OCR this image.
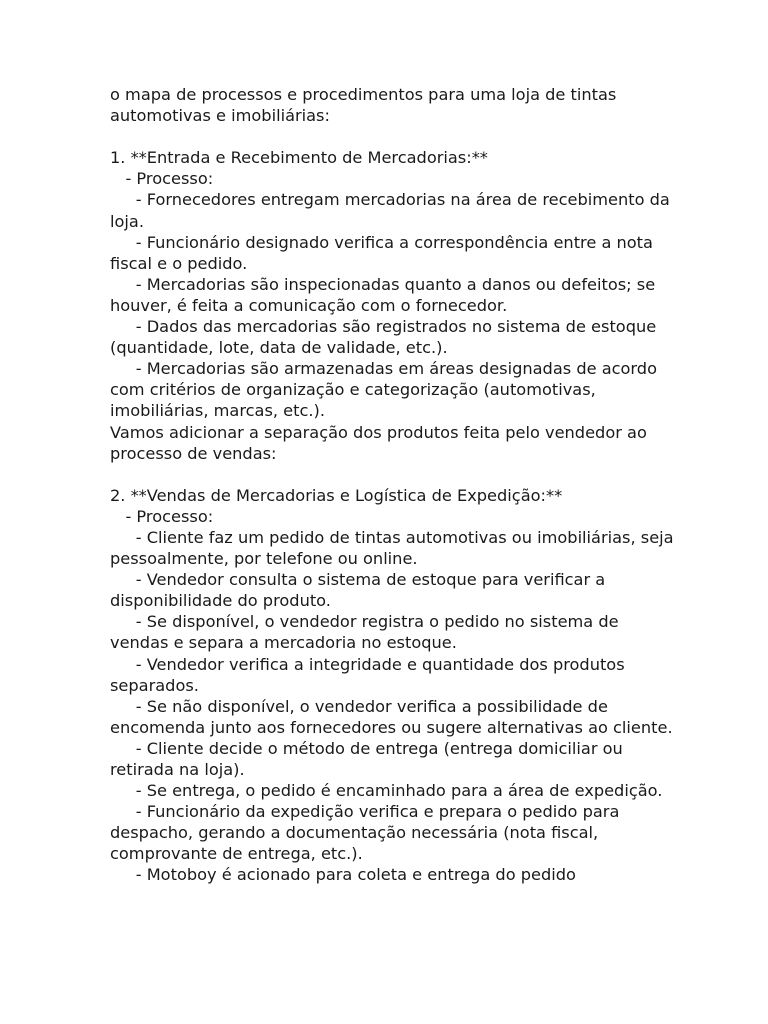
o mapa de processos e procedimentos para uma loja de tintas automotivas e imobiliárias:

1. **Entrada e Recebimento de Mercadorias:**

- Processo:

- Fornecedores entregam mercadorias na área de recebimento da loja.

- Funcionário designado verifica a correspondência entre a nota fiscal e o pedido.

- Mercadorias são inspecionadas quanto a danos ou defeitos; se houver, é feita a comunicação com o fornecedor.

- Dados das mercadorias são registrados no sistema de estoque (quantidade, lote, data de validade, etc.).

- Mercadorias são armazenadas em áreas designadas de acordo com critérios de organização e categorização (automotivas, imobiliárias, marcas, etc.).

Vamos adicionar a separação dos produtos feita pelo vendedor ao processo de vendas:

2. **Vendas de Mercadorias e Logística de Expedição:**

- Processo:

- Cliente faz um pedido de tintas automotivas ou imobiliárias, seja pessoalmente, por telefone ou online.

- Vendedor consulta o sistema de estoque para verificar a disponibilidade do produto.

- Se disponível, o vendedor registra o pedido no sistema de vendas e separa a mercadoria no estoque.

- Vendedor verifica a integridade e quantidade dos produtos separados.

- Se não disponível, o vendedor verifica a possibilidade de encomenda junto aos fornecedores ou sugere alternativas ao cliente.

- Cliente decide o método de entrega (entrega domiciliar ou retirada na loja).

- Se entrega, o pedido é encaminhado para a área de expedição.

- Funcionário da expedição verifica e prepara o pedido para despacho, gerando a documentação necessária (nota fiscal, comprovante de entrega, etc.).

- Motoboy é acionado para coleta e entrega do pedido
